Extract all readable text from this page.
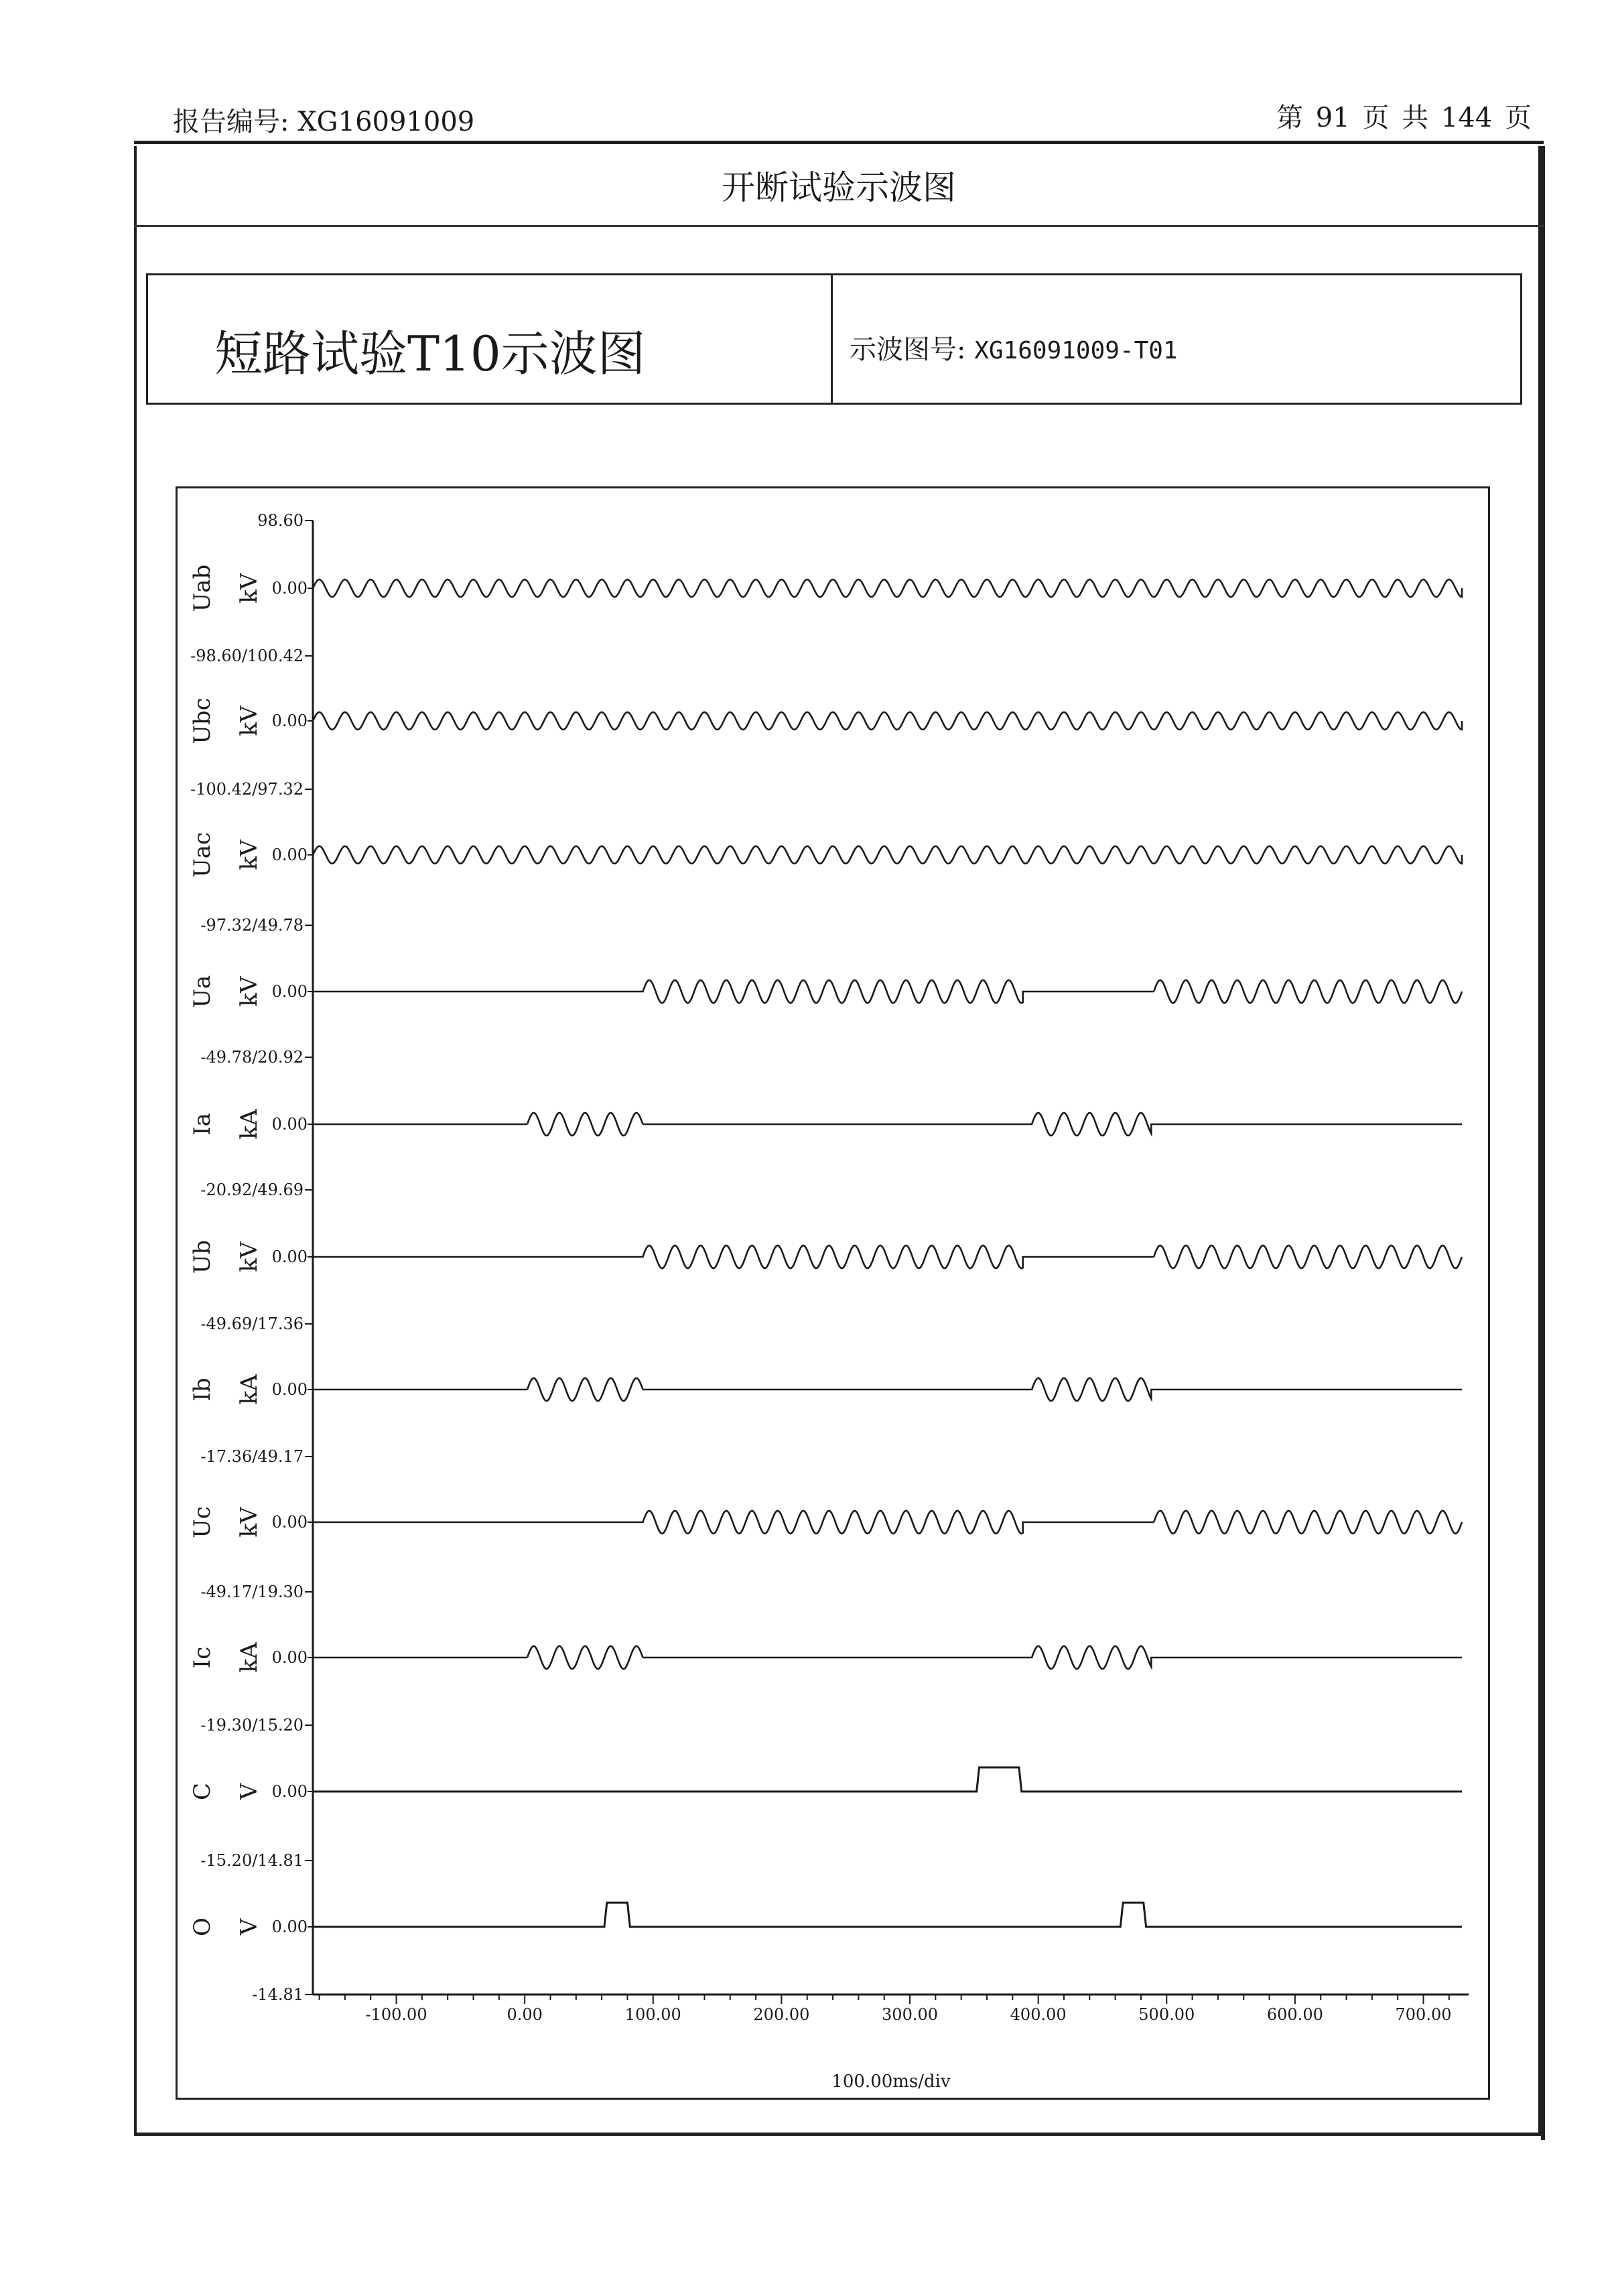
报告编号: XG16091009	第 91 页 共 144 页
开断试验示波图
短路试验T10示波图	示波图号: XG16091009-T01
98.60
-98.60/100.42
-100.42/97.32
-97.32/49.78
-49.78/20.92
-20.92/49.69
-49.69/17.36
-17.36/49.17
-49.17/19.30
-19.30/15.20
-15.20/14.81
-14.81
-100.00	0.00	100.00	200.00	300.00	400.00	500.00	600.00	700.00
Uab kV 0.00
Ubc kV 0.00
Uac kV 0.00
Ua kV 0.00
Ia kA 0.00
Ub kV 0.00
Ib kA 0.00
Uc kV 0.00
Ic kA 0.00
C V 0.00
O V 0.00
100.00ms/div
